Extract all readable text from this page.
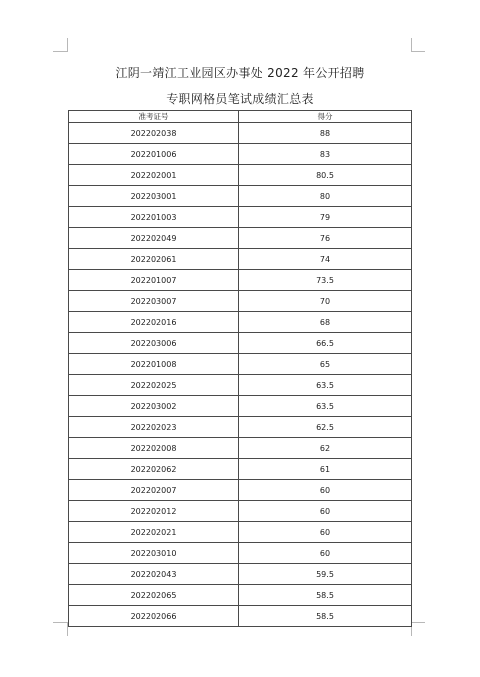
江阴一靖江工业园区办事处 2022 年公开招聘
专职网格员笔试成绩汇总表
准考证号	得分
202202038	88
202201006	83
202202001	80.5
202203001	80
202201003	79
202202049	76
202202061	74
202201007	73.5
202203007	70
202202016	68
202203006	66.5
202201008	65
202202025	63.5
202203002	63.5
202202023	62.5
202202008	62
202202062	61
202202007	60
202202012	60
202202021	60
202203010	60
202202043	59.5
202202065	58.5
202202066	58.5
